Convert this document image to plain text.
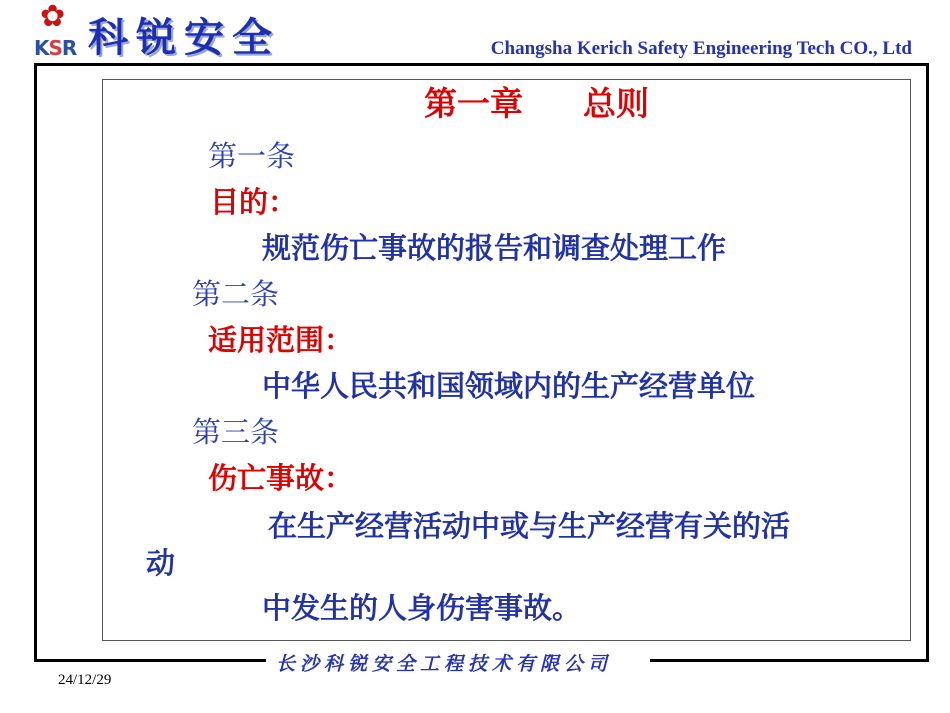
✿
KSR 科锐安全	Changsha Kerich Safety Engineering Tech CO., Ltd
第一章 总则
第一条
目的：
规范伤亡事故的报告和调查处理工作
第二条
适用范围：
中华人民共和国领域内的生产经营单位
第三条
伤亡事故：
在生产经营活动中或与生产经营有关的活
动
中发生的人身伤害事故。
长沙科锐安全工程技术有限公司
24/12/29
